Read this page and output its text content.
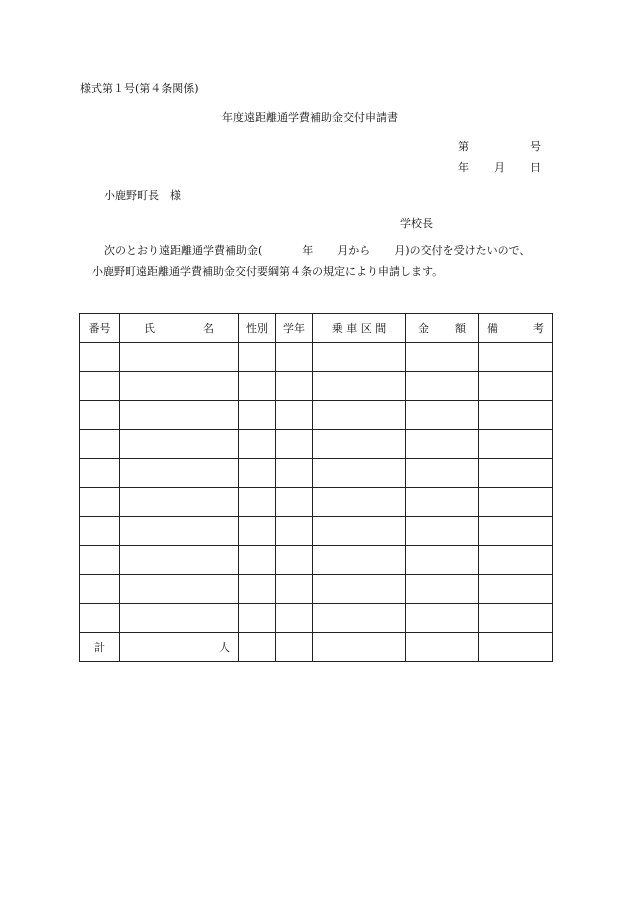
様式第１号(第４条関係)
年度遠距離通学費補助金交付申請書
第	号
年 月 日
小鹿野町長　様
学校長
次のとおり遠距離通学費補助金(	年 月から 月)の交付を受けたいので、
小鹿野町遠距離通学費補助金交付要綱第４条の規定により申請します。
番号	氏 名	性別	学年	乗 車 区 間	金 額	備 考

計	人					
